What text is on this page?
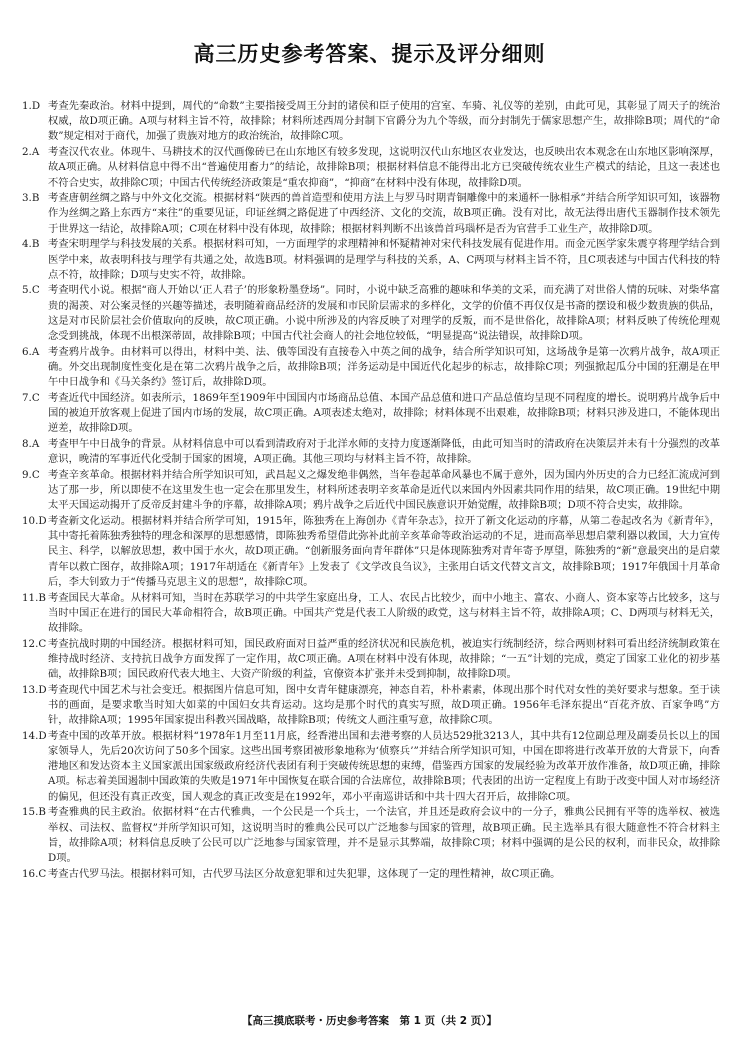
高三历史参考答案、提示及评分细则
1.D 考查先秦政治。材料中提到，周代的“命数”主要指接受周王分封的诸侯和臣子使用的宫室、车骑、礼仪等的差别，由此可见，其彰显了周天子的统治权威，故D项正确。A项与材料主旨不符，故排除；材料所述西周分封制下官爵分为九个等级，而分封制先于儒家思想产生，故排除B项；周代的“命数”规定相对于商代，加强了贵族对地方的政治统治，故排除C项。
2.A 考查汉代农业。体现牛、马耕技术的汉代画像砖已在山东地区有较多发现，这说明汉代山东地区农业发达，也反映出农本观念在山东地区影响深厚，故A项正确。从材料信息中得不出“普遍使用畜力”的结论，故排除B项；根据材料信息不能得出北方已突破传统农业生产模式的结论，且这一表述也不符合史实，故排除C项；中国古代传统经济政策是“重农抑商”，“抑商”在材料中没有体现，故排除D项。
3.B 考查唐朝丝绸之路与中外文化交流。根据材料“陕西的兽首造型和使用方法上与罗马时期青铜雕像中的来通杯一脉相承”并结合所学知识可知，该器物作为丝绸之路上东西方“来往”的重要见证，印证丝绸之路促进了中西经济、文化的交流，故B项正确。没有对比，故无法得出唐代玉器制作技术领先于世界这一结论，故排除A项；C项在材料中没有体现，故排除；根据材料判断不出该兽首玛瑙杯是否为官营手工业生产，故排除D项。
4.B 考查宋明理学与科技发展的关系。根据材料可知，一方面理学的求理精神和怀疑精神对宋代科技发展有促进作用。而金元医学家朱震亨将理学结合到医学中来，故表明科技与理学有共通之处，故选B项。材料强调的是理学与科技的关系，A、C两项与材料主旨不符，且C项表述与中国古代科技的特点不符，故排除；D项与史实不符，故排除。
5.C 考查明代小说。根据“商人开始以‘正人君子’的形象粉墨登场”。同时，小说中缺乏高雅的趣味和华美的文采，而充满了对世俗人情的玩味、对柴华富贵的渴羡、对公案灵怪的兴趣等描述，表明随着商品经济的发展和市民阶层需求的多样化，文学的价值不再仅仅是书斋的摆设和极少数贵族的供品，这是对市民阶层社会价值取向的反映，故C项正确。小说中所涉及的内容反映了对理学的反叛，而不是世俗化，故排除A项；材料反映了传统伦理观念受到挑战，体现不出根深蒂固，故排除B项；中国古代社会商人的社会地位较低，“明显提高”说法错误，故排除D项。
6.A 考查鸦片战争。由材料可以得出，材料中美、法、俄等国没有直接卷入中英之间的战争，结合所学知识可知，这场战争是第一次鸦片战争，故A项正确。外交出现制度性变化是在第二次鸦片战争之后，故排除B项；洋务运动是中国近代化起步的标志，故排除C项；列强掀起瓜分中国的狂潮是在甲午中日战争和《马关条约》签订后，故排除D项。
7.C 考查近代中国经济。如表所示，1869年至1909年中国国内市场商品总值、本国产品总值和进口产品总值均呈现不同程度的增长。说明鸦片战争后中国的被迫开放客观上促进了国内市场的发展，故C项正确。A项表述太绝对，故排除；材料体现不出艰难，故排除B项；材料只涉及进口，不能体现出逆差，故排除D项。
8.A 考查甲午中日战争的背景。从材料信息中可以看到清政府对于北洋水师的支持力度逐渐降低，由此可知当时的清政府在决策层并未有十分强烈的改革意识，晚清的军事近代化受制于国家的困境，A项正确。其他三项均与材料主旨不符，故排除。
9.C 考查辛亥革命。根据材料并结合所学知识可知，武昌起义之爆发绝非偶然，当年卷起革命风暴也不属于意外，因为国内外历史的合力已经汇流成河到达了那一步，所以即使不在这里发生也一定会在那里发生，材料所述表明辛亥革命是近代以来国内外因素共同作用的结果，故C项正确。19世纪中期太平天国运动揭开了反帝反封建斗争的序幕，故排除A项；鸦片战争之后近代中国民族意识开始觉醒，故排除B项；D项不符合史实，故排除。
10.D 考查新文化运动。根据材料并结合所学可知，1915年，陈独秀在上海创办《青年杂志》，拉开了新文化运动的序幕，从第二卷起改名为《新青年》，其中寄托着陈独秀独特的理念和深厚的思想感情，即陈独秀希望借此弥补此前辛亥革命等政治运动的不足，进而高举思想启蒙利器以救国，大力宣传民主、科学，以解放思想，救中国于水火，故D项正确。“创新服务面向青年群体”只是体现陈独秀对青年寄予厚望，陈独秀的“新”意最突出的是启蒙青年以救亡图存，故排除A项；1917年胡适在《新青年》上发表了《文学改良刍议》，主张用白话文代替文言文，故排除B项；1917年俄国十月革命后，李大钊致力于“传播马克思主义的思想”，故排除C项。
11.B 考查国民大革命。从材料可知，当时在苏联学习的中共学生家庭出身，工人、农民占比较少，而中小地主、富农、小商人、资本家等占比较多，这与当时中国正在进行的国民大革命相符合，故B项正确。中国共产党是代表工人阶级的政党，这与材料主旨不符，故排除A项；C、D两项与材料无关，故排除。
12.C 考查抗战时期的中国经济。根据材料可知，国民政府面对日益严重的经济状况和民族危机，被迫实行统制经济，综合两则材料可看出经济统制政策在维持战时经济、支持抗日战争方面发挥了一定作用，故C项正确。A项在材料中没有体现，故排除；“一五”计划的完成，奠定了国家工业化的初步基础，故排除B项；国民政府代表大地主、大资产阶级的利益，官僚资本扩张并未受到抑制，故排除D项。
13.D 考查现代中国艺术与社会变迁。根据图片信息可知，图中女青年健康漂亮，神态自若，朴朴素素，体现出那个时代对女性的美好要求与想象。至于读书的画面，是要求歌当时知大如菜的中国妇女共育运动。这均是那个时代的真实写照，故D项正确。1956年毛泽东提出“百花齐放、百家争鸣”方针，故排除A项；1995年国家提出科教兴国战略，故排除B项；传统文人画注重写意，故排除C项。
14.D 考查中国的改革开放。根据材料“1978年1月至11月底，经香港出国和去港考察的人员达529批3213人，其中共有12位副总理及副委员长以上的国家领导人，先后20次访问了50多个国家。这些出国考察团被形象地称为‘侦察兵’”并结合所学知识可知，中国在即将进行改革开放的大背景下，向香港地区和发达资本主义国家派出国家级政府经济代表团有利于突破传统思想的束缚，借鉴西方国家的发展经验为改革开放作准备，故D项正确，排除A项。标志着美国遏制中国政策的失败是1971年中国恢复在联合国的合法席位，故排除B项；代表团的出访一定程度上有助于改变中国人对市场经济的偏见，但还没有真正改变，国人观念的真正改变是在1992年，邓小平南巡讲话和中共十四大召开后，故排除C项。
15.B 考查雅典的民主政治。依据材料“在古代雅典，一个公民是一个兵士，一个法官，并且还是政府会议中的一分子，雅典公民拥有平等的选举权、被选举权、司法权、监督权”并所学知识可知，这说明当时的雅典公民可以广泛地参与国家的管理，故B项正确。民主选举具有很大随意性不符合材料主旨，故排除A项；材料信息反映了公民可以广泛地参与国家管理，并不是显示其弊端，故排除C项；材料中强调的是公民的权利，而非民众，故排除D项。
16.C 考查古代罗马法。根据材料可知，古代罗马法区分故意犯罪和过失犯罪，这体现了一定的理性精神，故C项正确。
【高三摸底联考・历史参考答案　第 1 页（共 2 页）】
